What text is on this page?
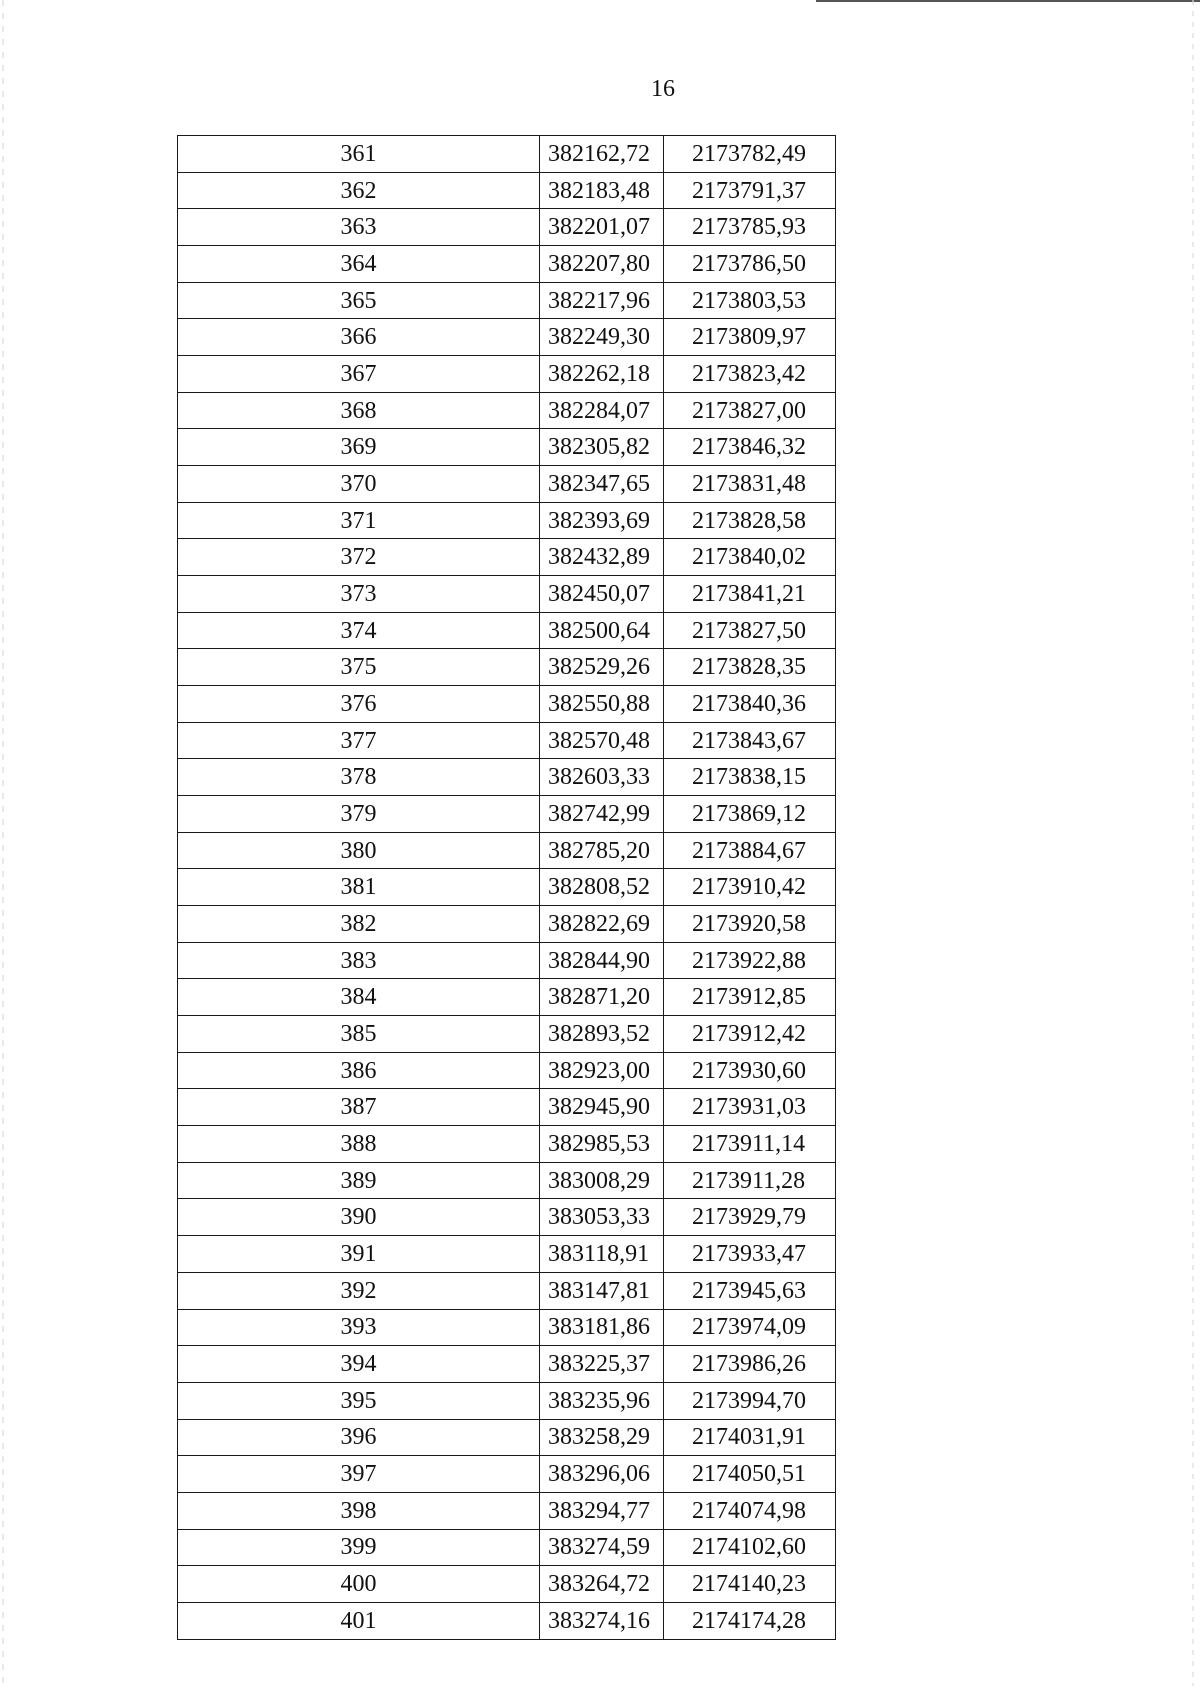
16
361	382162,72	2173782,49
362	382183,48	2173791,37
363	382201,07	2173785,93
364	382207,80	2173786,50
365	382217,96	2173803,53
366	382249,30	2173809,97
367	382262,18	2173823,42
368	382284,07	2173827,00
369	382305,82	2173846,32
370	382347,65	2173831,48
371	382393,69	2173828,58
372	382432,89	2173840,02
373	382450,07	2173841,21
374	382500,64	2173827,50
375	382529,26	2173828,35
376	382550,88	2173840,36
377	382570,48	2173843,67
378	382603,33	2173838,15
379	382742,99	2173869,12
380	382785,20	2173884,67
381	382808,52	2173910,42
382	382822,69	2173920,58
383	382844,90	2173922,88
384	382871,20	2173912,85
385	382893,52	2173912,42
386	382923,00	2173930,60
387	382945,90	2173931,03
388	382985,53	2173911,14
389	383008,29	2173911,28
390	383053,33	2173929,79
391	383118,91	2173933,47
392	383147,81	2173945,63
393	383181,86	2173974,09
394	383225,37	2173986,26
395	383235,96	2173994,70
396	383258,29	2174031,91
397	383296,06	2174050,51
398	383294,77	2174074,98
399	383274,59	2174102,60
400	383264,72	2174140,23
401	383274,16	2174174,28
